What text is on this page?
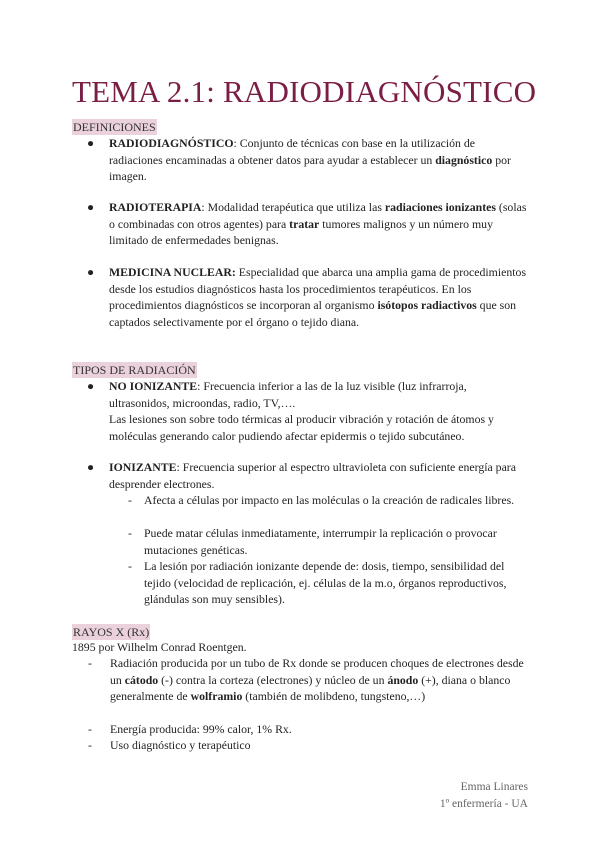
TEMA 2.1: RADIODIAGNÓSTICO
DEFINICIONES
● RADIODIAGNÓSTICO: Conjunto de técnicas con base en la utilización de radiaciones encaminadas a obtener datos para ayudar a establecer un diagnóstico por imagen.
● RADIOTERAPIA: Modalidad terapéutica que utiliza las radiaciones ionizantes (solas o combinadas con otros agentes) para tratar tumores malignos y un número muy limitado de enfermedades benignas.
● MEDICINA NUCLEAR: Especialidad que abarca una amplia gama de procedimientos desde los estudios diagnósticos hasta los procedimientos terapéuticos. En los procedimientos diagnósticos se incorporan al organismo isótopos radiactivos que son captados selectivamente por el órgano o tejido diana.
TIPOS DE RADIACIÓN
● NO IONIZANTE: Frecuencia inferior a las de la luz visible (luz infrarroja, ultrasonidos, microondas, radio, TV,….
Las lesiones son sobre todo térmicas al producir vibración y rotación de átomos y moléculas generando calor pudiendo afectar epidermis o tejido subcutáneo.
● IONIZANTE: Frecuencia superior al espectro ultravioleta con suficiente energía para desprender electrones.
- Afecta a células por impacto en las moléculas o la creación de radicales libres.
- Puede matar células inmediatamente, interrumpir la replicación o provocar mutaciones genéticas.
- La lesión por radiación ionizante depende de: dosis, tiempo, sensibilidad del tejido (velocidad de replicación, ej. células de la m.o, órganos reproductivos, glándulas son muy sensibles).
RAYOS X (Rx)
1895 por Wilhelm Conrad Roentgen.
- Radiación producida por un tubo de Rx donde se producen choques de electrones desde un cátodo (-) contra la corteza (electrones) y núcleo de un ánodo (+), diana o blanco generalmente de wolframio (también de molibdeno, tungsteno,…)
- Energía producida: 99% calor, 1% Rx.
- Uso diagnóstico y terapéutico
Emma Linares
1º enfermería - UA
